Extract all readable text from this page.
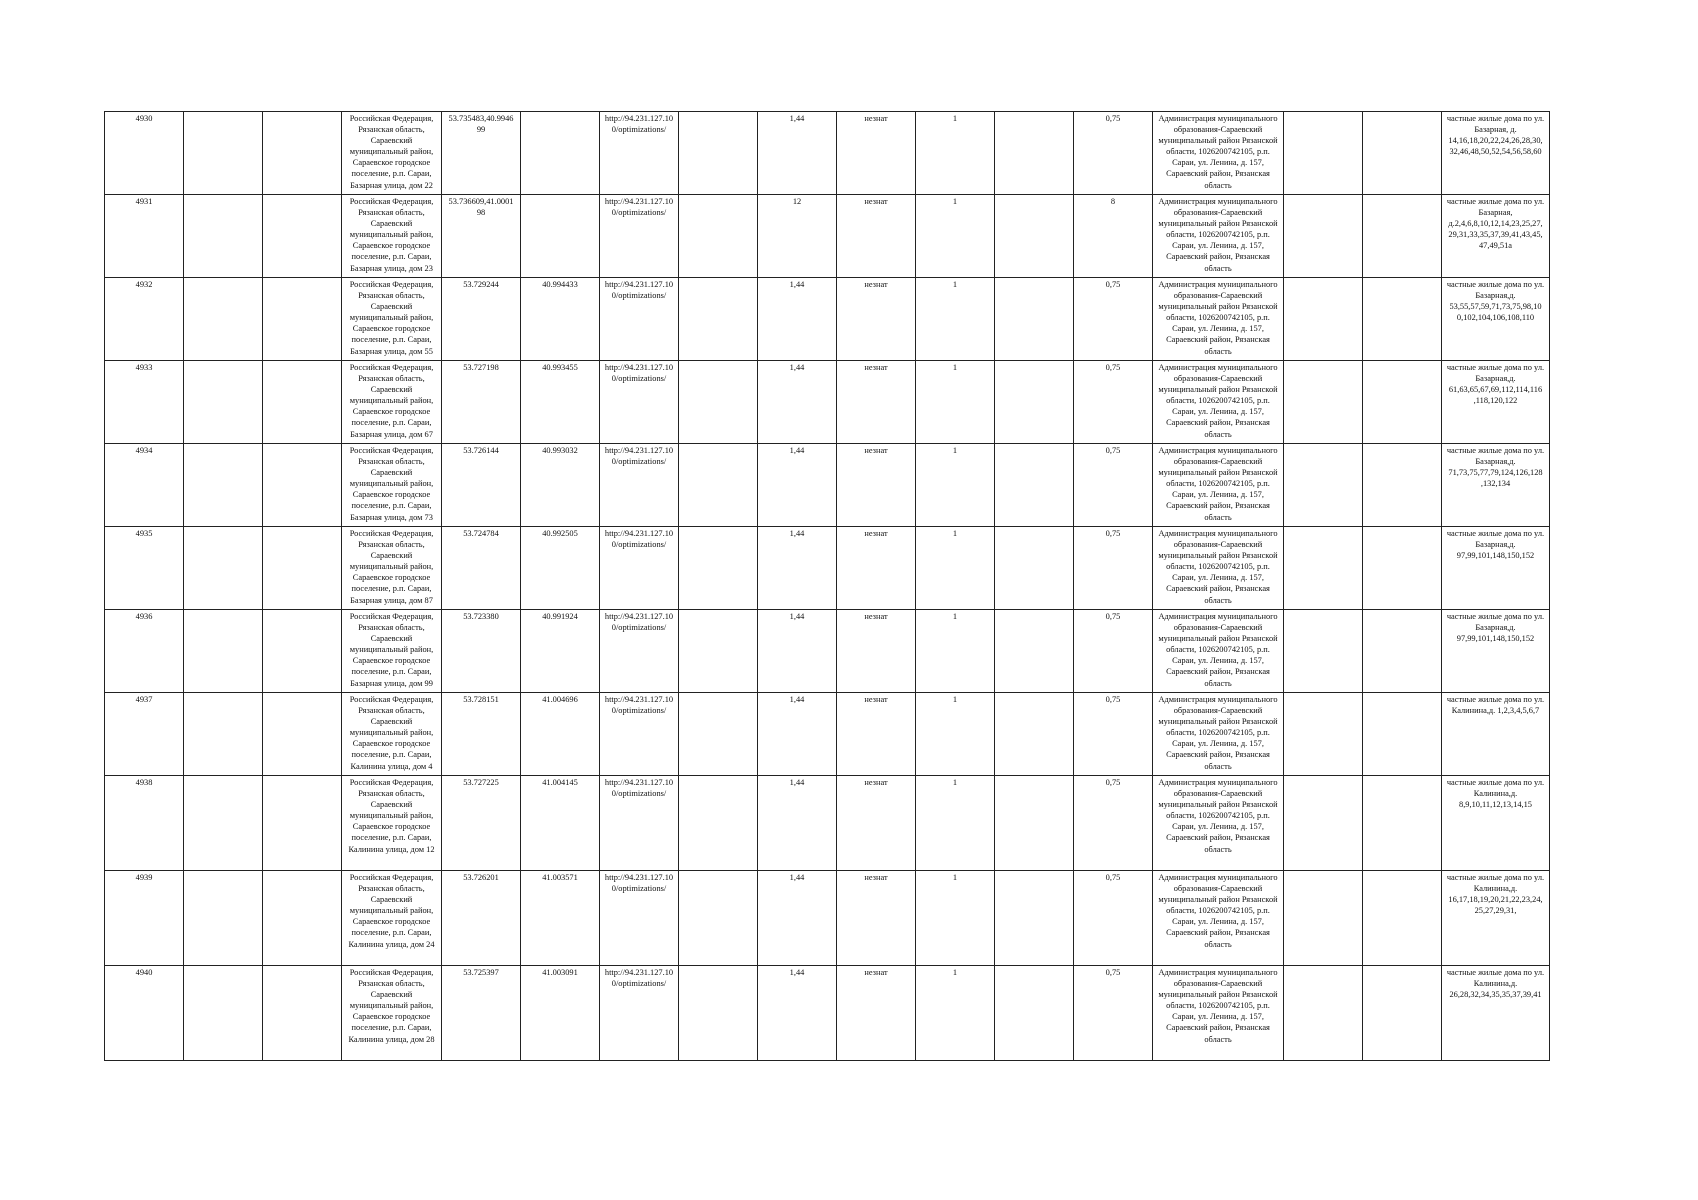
4930			Российская Федерация, Рязанская область, Сараевский муниципальный район, Сараевское городское поселение, р.п. Сараи, Базарная улица, дом 22	53.735483,40.9946 99		http://94.231.127.10 0/optimizations/		1,44	незнат	1		0,75	Администрация муниципального образования-Сараевский муниципальный район Рязанской области, 1026200742105, р.п. Сараи, ул. Ленина, д. 157, Сараевский район, Рязанская область			частные жилые дома по ул. Базарная, д. 14,16,18,20,22,24,26,28,30, 32,46,48,50,52,54,56,58,60
4931			Российская Федерация, Рязанская область, Сараевский муниципальный район, Сараевское городское поселение, р.п. Сараи, Базарная улица, дом 23	53.736609,41.0001 98		http://94.231.127.10 0/optimizations/		12	незнат	1		8	Администрация муниципального образования-Сараевский муниципальный район Рязанской области, 1026200742105, р.п. Сараи, ул. Ленина, д. 157, Сараевский район, Рязанская область			частные жилые дома по ул. Базарная, д.2,4,6,8,10,12,14,23,25,27, 29,31,33,35,37,39,41,43,45, 47,49,51а
4932			Российская Федерация, Рязанская область, Сараевский муниципальный район, Сараевское городское поселение, р.п. Сараи, Базарная улица, дом 55	53.729244	40.994433	http://94.231.127.10 0/optimizations/		1,44	незнат	1		0,75	Администрация муниципального образования-Сараевский муниципальный район Рязанской области, 1026200742105, р.п. Сараи, ул. Ленина, д. 157, Сараевский район, Рязанская область			частные жилые дома по ул. Базарная,д. 53,55,57,59,71,73,75,98,10 0,102,104,106,108,110
4933			Российская Федерация, Рязанская область, Сараевский муниципальный район, Сараевское городское поселение, р.п. Сараи, Базарная улица, дом 67	53.727198	40.993455	http://94.231.127.10 0/optimizations/		1,44	незнат	1		0,75	Администрация муниципального образования-Сараевский муниципальный район Рязанской области, 1026200742105, р.п. Сараи, ул. Ленина, д. 157, Сараевский район, Рязанская область			частные жилые дома по ул. Базарная,д. 61,63,65,67,69,112,114,116 ,118,120,122
4934			Российская Федерация, Рязанская область, Сараевский муниципальный район, Сараевское городское поселение, р.п. Сараи, Базарная улица, дом 73	53.726144	40.993032	http://94.231.127.10 0/optimizations/		1,44	незнат	1		0,75	Администрация муниципального образования-Сараевский муниципальный район Рязанской области, 1026200742105, р.п. Сараи, ул. Ленина, д. 157, Сараевский район, Рязанская область			частные жилые дома по ул. Базарная,д. 71,73,75,77,79,124,126,128 ,132,134
4935			Российская Федерация, Рязанская область, Сараевский муниципальный район, Сараевское городское поселение, р.п. Сараи, Базарная улица, дом 87	53.724784	40.992505	http://94.231.127.10 0/optimizations/		1,44	незнат	1		0,75	Администрация муниципального образования-Сараевский муниципальный район Рязанской области, 1026200742105, р.п. Сараи, ул. Ленина, д. 157, Сараевский район, Рязанская область			частные жилые дома по ул. Базарная,д. 97,99,101,148,150,152
4936			Российская Федерация, Рязанская область, Сараевский муниципальный район, Сараевское городское поселение, р.п. Сараи, Базарная улица, дом 99	53.723380	40.991924	http://94.231.127.10 0/optimizations/		1,44	незнат	1		0,75	Администрация муниципального образования-Сараевский муниципальный район Рязанской области, 1026200742105, р.п. Сараи, ул. Ленина, д. 157, Сараевский район, Рязанская область			частные жилые дома по ул. Базарная,д. 97,99,101,148,150,152
4937			Российская Федерация, Рязанская область, Сараевский муниципальный район, Сараевское городское поселение, р.п. Сараи, Калинина улица, дом 4	53.728151	41.004696	http://94.231.127.10 0/optimizations/		1,44	незнат	1		0,75	Администрация муниципального образования-Сараевский муниципальный район Рязанской области, 1026200742105, р.п. Сараи, ул. Ленина, д. 157, Сараевский район, Рязанская область			частные жилые дома по ул. Калинина,д. 1,2,3,4,5,6,7
4938			Российская Федерация, Рязанская область, Сараевский муниципальный район, Сараевское городское поселение, р.п. Сараи, Калинина улица, дом 12	53.727225	41.004145	http://94.231.127.10 0/optimizations/		1,44	незнат	1		0,75	Администрация муниципального образования-Сараевский муниципальный район Рязанской области, 1026200742105, р.п. Сараи, ул. Ленина, д. 157, Сараевский район, Рязанская область			частные жилые дома по ул. Калинина,д. 8,9,10,11,12,13,14,15
4939			Российская Федерация, Рязанская область, Сараевский муниципальный район, Сараевское городское поселение, р.п. Сараи, Калинина улица, дом 24	53.726201	41.003571	http://94.231.127.10 0/optimizations/		1,44	незнат	1		0,75	Администрация муниципального образования-Сараевский муниципальный район Рязанской области, 1026200742105, р.п. Сараи, ул. Ленина, д. 157, Сараевский район, Рязанская область			частные жилые дома по ул. Калинина,д. 16,17,18,19,20,21,22,23,24, 25,27,29,31,
4940			Российская Федерация, Рязанская область, Сараевский муниципальный район, Сараевское городское поселение, р.п. Сараи, Калинина улица, дом 28	53.725397	41.003091	http://94.231.127.10 0/optimizations/		1,44	незнат	1		0,75	Администрация муниципального образования-Сараевский муниципальный район Рязанской области, 1026200742105, р.п. Сараи, ул. Ленина, д. 157, Сараевский район, Рязанская область			частные жилые дома по ул. Калинина,д. 26,28,32,34,35,35,37,39,41
